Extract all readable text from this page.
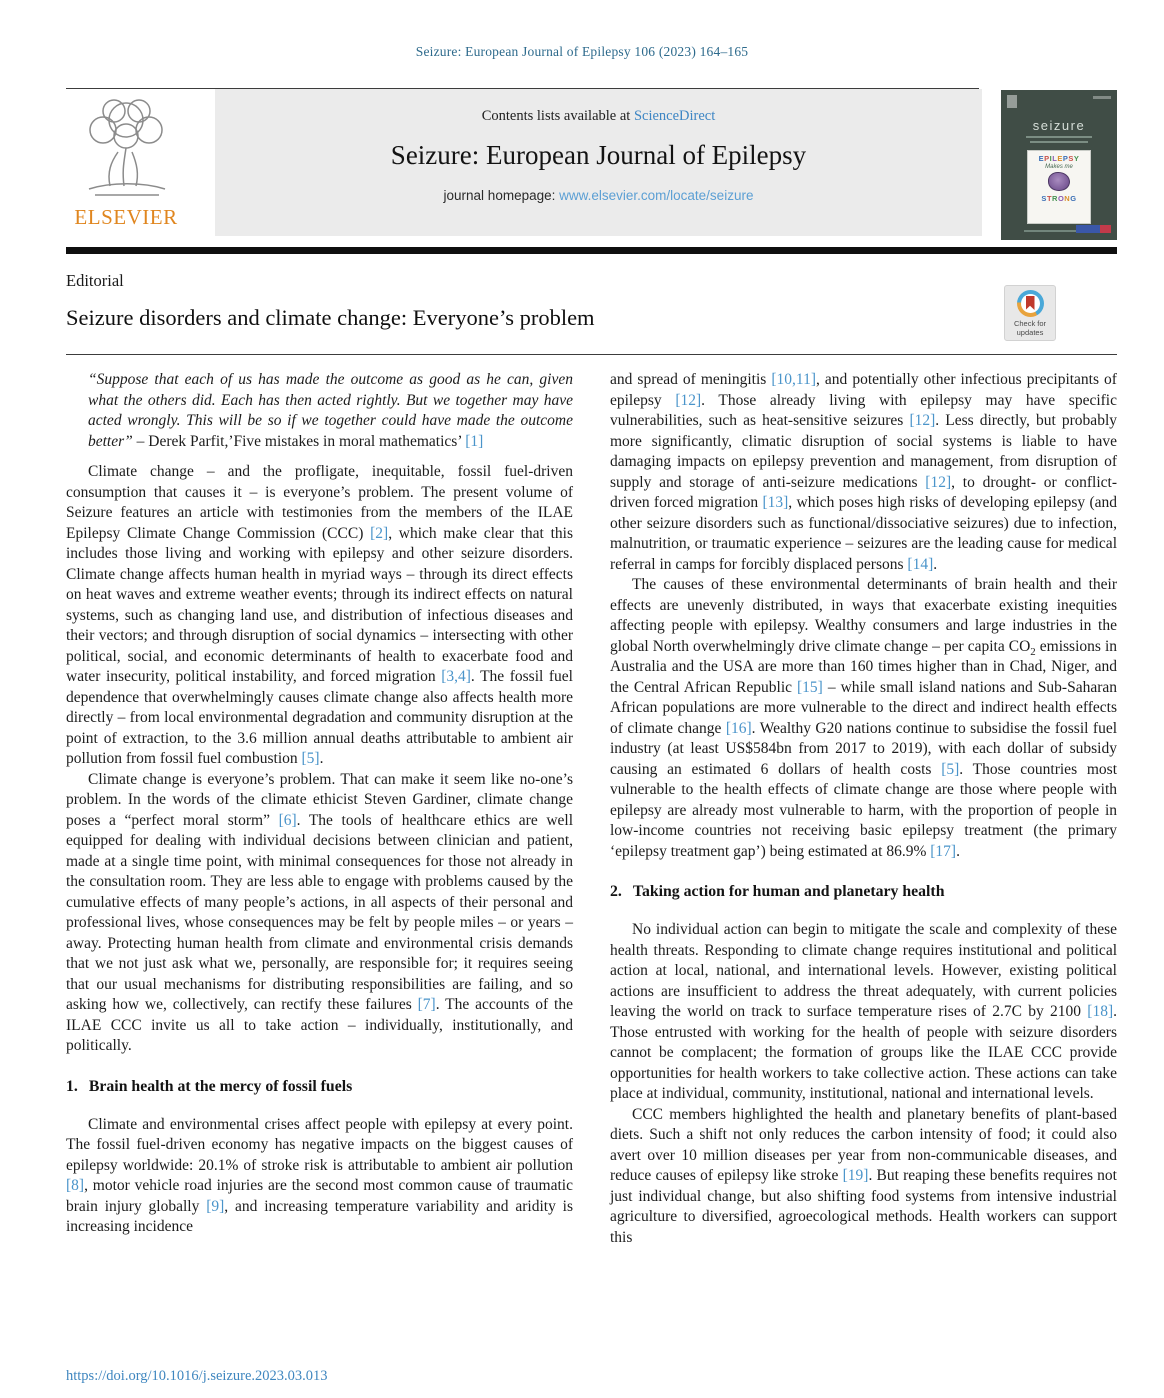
Seizure: European Journal of Epilepsy 106 (2023) 164–165
ELSEVIER
Contents lists available at ScienceDirect
Seizure: European Journal of Epilepsy
journal homepage: www.elsevier.com/locate/seizure
seizure
EPILEPSY
Makes me
STRONG
Editorial
Seizure disorders and climate change: Everyone’s problem	Check for
updates

“Suppose that each of us has made the outcome as good as he can, given what the others did. Each has then acted rightly. But we together may have acted wrongly. This will be so if we together could have made the outcome better” – Derek Parfit,’Five mistakes in moral mathematics’ [1]

Climate change – and the profligate, inequitable, fossil fuel-driven consumption that causes it – is everyone’s problem. The present volume of Seizure features an article with testimonies from the members of the ILAE Epilepsy Climate Change Commission (CCC) [2], which make clear that this includes those living and working with epilepsy and other seizure disorders. Climate change affects human health in myriad ways – through its direct effects on heat waves and extreme weather events; through its indirect effects on natural systems, such as changing land use, and distribution of infectious diseases and their vectors; and through disruption of social dynamics – intersecting with other political, social, and economic determinants of health to exacerbate food and water insecurity, political instability, and forced migration [3,4]. The fossil fuel dependence that overwhelmingly causes climate change also affects health more directly – from local environmental degradation and community disruption at the point of extraction, to the 3.6 million annual deaths attributable to ambient air pollution from fossil fuel combustion [5].

Climate change is everyone’s problem. That can make it seem like no-one’s problem. In the words of the climate ethicist Steven Gardiner, climate change poses a “perfect moral storm” [6]. The tools of healthcare ethics are well equipped for dealing with individual decisions between clinician and patient, made at a single time point, with minimal consequences for those not already in the consultation room. They are less able to engage with problems caused by the cumulative effects of many people’s actions, in all aspects of their personal and professional lives, whose consequences may be felt by people miles – or years – away. Protecting human health from climate and environmental crisis demands that we not just ask what we, personally, are responsible for; it requires seeing that our usual mechanisms for distributing responsibilities are failing, and so asking how we, collectively, can rectify these failures [7]. The accounts of the ILAE CCC invite us all to take action – individually, institutionally, and politically.

1. Brain health at the mercy of fossil fuels

Climate and environmental crises affect people with epilepsy at every point. The fossil fuel-driven economy has negative impacts on the biggest causes of epilepsy worldwide: 20.1% of stroke risk is attributable to ambient air pollution [8], motor vehicle road injuries are the second most common cause of traumatic brain injury globally [9], and increasing temperature variability and aridity is increasing incidence

and spread of meningitis [10,11], and potentially other infectious precipitants of epilepsy [12]. Those already living with epilepsy may have specific vulnerabilities, such as heat-sensitive seizures [12]. Less directly, but probably more significantly, climatic disruption of social systems is liable to have damaging impacts on epilepsy prevention and management, from disruption of supply and storage of anti-seizure medications [12], to drought- or conflict-driven forced migration [13], which poses high risks of developing epilepsy (and other seizure disorders such as functional/dissociative seizures) due to infection, malnutrition, or traumatic experience – seizures are the leading cause for medical referral in camps for forcibly displaced persons [14].

The causes of these environmental determinants of brain health and their effects are unevenly distributed, in ways that exacerbate existing inequities affecting people with epilepsy. Wealthy consumers and large industries in the global North overwhelmingly drive climate change – per capita $CO_2$ emissions in Australia and the USA are more than 160 times higher than in Chad, Niger, and the Central African Republic [15] – while small island nations and Sub-Saharan African populations are more vulnerable to the direct and indirect health effects of climate change [16]. Wealthy G20 nations continue to subsidise the fossil fuel industry (at least US$584bn from 2017 to 2019), with each dollar of subsidy causing an estimated 6 dollars of health costs [5]. Those countries most vulnerable to the health effects of climate change are those where people with epilepsy are already most vulnerable to harm, with the proportion of people in low-income countries not receiving basic epilepsy treatment (the primary ‘epilepsy treatment gap’) being estimated at 86.9% [17].

2. Taking action for human and planetary health

No individual action can begin to mitigate the scale and complexity of these health threats. Responding to climate change requires institutional and political action at local, national, and international levels. However, existing political actions are insufficient to address the threat adequately, with current policies leaving the world on track to surface temperature rises of 2.7C by 2100 [18]. Those entrusted with working for the health of people with seizure disorders cannot be complacent; the formation of groups like the ILAE CCC provide opportunities for health workers to take collective action. These actions can take place at individual, community, institutional, national and international levels.

CCC members highlighted the health and planetary benefits of plant-based diets. Such a shift not only reduces the carbon intensity of food; it could also avert over 10 million diseases per year from non-communicable diseases, and reduce causes of epilepsy like stroke [19]. But reaping these benefits requires not just individual change, but also shifting food systems from intensive industrial agriculture to diversified, agroecological methods. Health workers can support this

https://doi.org/10.1016/j.seizure.2023.03.013
